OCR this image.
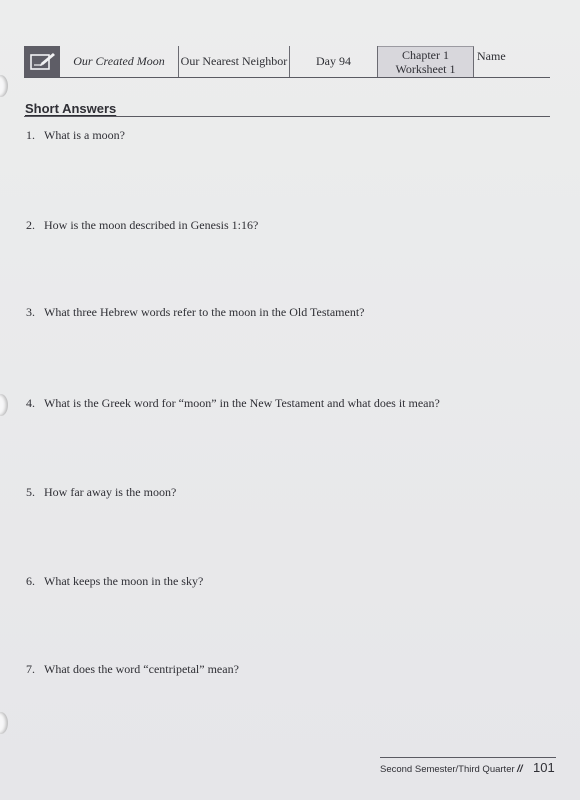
Our Created Moon	Our Nearest Neighbor	Day 94	Chapter 1
Worksheet 1
Name
Short Answers
1. What is a moon?
2. How is the moon described in Genesis 1:16?
3. What three Hebrew words refer to the moon in the Old Testament?
4. What is the Greek word for “moon” in the New Testament and what does it mean?
5. How far away is the moon?
6. What keeps the moon in the sky?
7. What does the word “centripetal” mean?
Second Semester/Third Quarter // 101
